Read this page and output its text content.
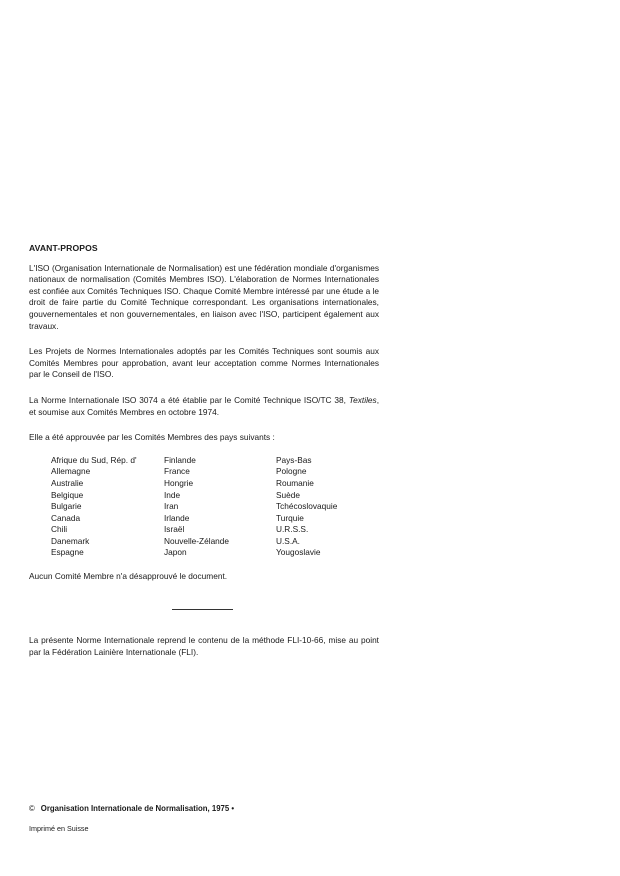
AVANT-PROPOS

L'ISO (Organisation Internationale de Normalisation) est une fédération mondiale d'organismes nationaux de normalisation (Comités Membres ISO). L'élaboration de Normes Internationales est confiée aux Comités Techniques ISO. Chaque Comité Membre intéressé par une étude a le droit de faire partie du Comité Technique correspondant. Les organisations internationales, gouvernementales et non gouvernementales, en liaison avec l'ISO, participent également aux travaux.

Les Projets de Normes Internationales adoptés par les Comités Techniques sont soumis aux Comités Membres pour approbation, avant leur acceptation comme Normes Internationales par le Conseil de l'ISO.

La Norme Internationale ISO 3074 a été établie par le Comité Technique ISO/TC 38, Textiles, et soumise aux Comités Membres en octobre 1974.

Elle a été approuvée par les Comités Membres des pays suivants :

Afrique du Sud, Rép. d'
Allemagne
Australie
Belgique
Bulgarie
Canada
Chili
Danemark
Espagne
Finlande
France
Hongrie
Inde
Iran
Irlande
Israël
Nouvelle-Zélande
Japon
Pays-Bas
Pologne
Roumanie
Suède
Tchécoslovaquie
Turquie
U.R.S.S.
U.S.A.
Yougoslavie

Aucun Comité Membre n'a désapprouvé le document.

La présente Norme Internationale reprend le contenu de la méthode FLI-10-66, mise au point par la Fédération Lainière Internationale (FLI).

© Organisation Internationale de Normalisation, 1975 •
Imprimé en Suisse
